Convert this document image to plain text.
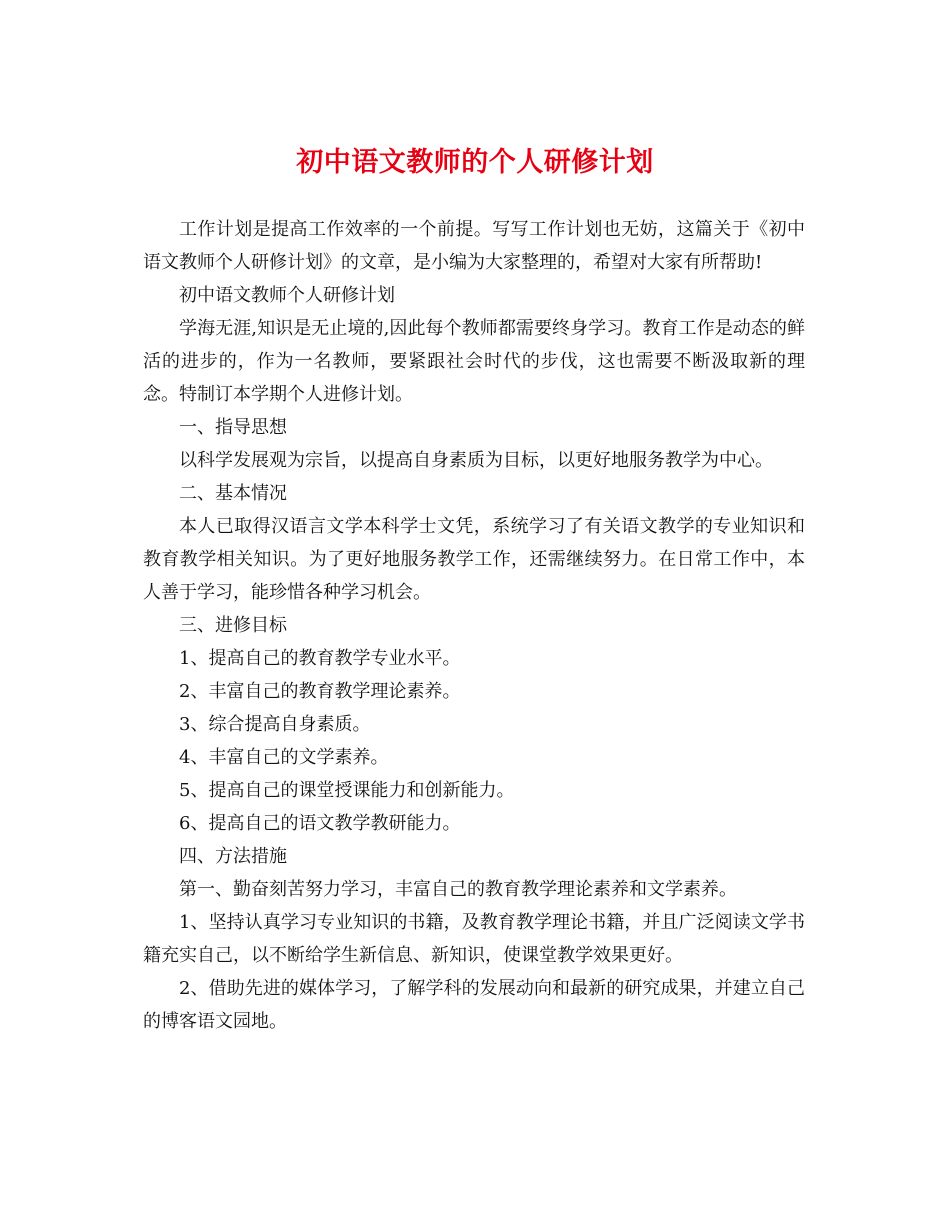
初中语文教师的个人研修计划

工作计划是提高工作效率的一个前提。写写工作计划也无妨，这篇关于《初中语文教师个人研修计划》的文章，是小编为大家整理的，希望对大家有所帮助!

初中语文教师个人研修计划

学海无涯,知识是无止境的,因此每个教师都需要终身学习。教育工作是动态的鲜活的进步的，作为一名教师，要紧跟社会时代的步伐，这也需要不断汲取新的理念。特制订本学期个人进修计划。

一、指导思想

以科学发展观为宗旨，以提高自身素质为目标，以更好地服务教学为中心。

二、基本情况

本人已取得汉语言文学本科学士文凭，系统学习了有关语文教学的专业知识和教育教学相关知识。为了更好地服务教学工作，还需继续努力。在日常工作中，本人善于学习，能珍惜各种学习机会。

三、进修目标

1、提高自己的教育教学专业水平。

2、丰富自己的教育教学理论素养。

3、综合提高自身素质。

4、丰富自己的文学素养。

5、提高自己的课堂授课能力和创新能力。

6、提高自己的语文教学教研能力。

四、方法措施

第一、勤奋刻苦努力学习，丰富自己的教育教学理论素养和文学素养。

1、坚持认真学习专业知识的书籍，及教育教学理论书籍，并且广泛阅读文学书籍充实自己，以不断给学生新信息、新知识，使课堂教学效果更好。

2、借助先进的媒体学习，了解学科的发展动向和最新的研究成果，并建立自己的博客语文园地。
